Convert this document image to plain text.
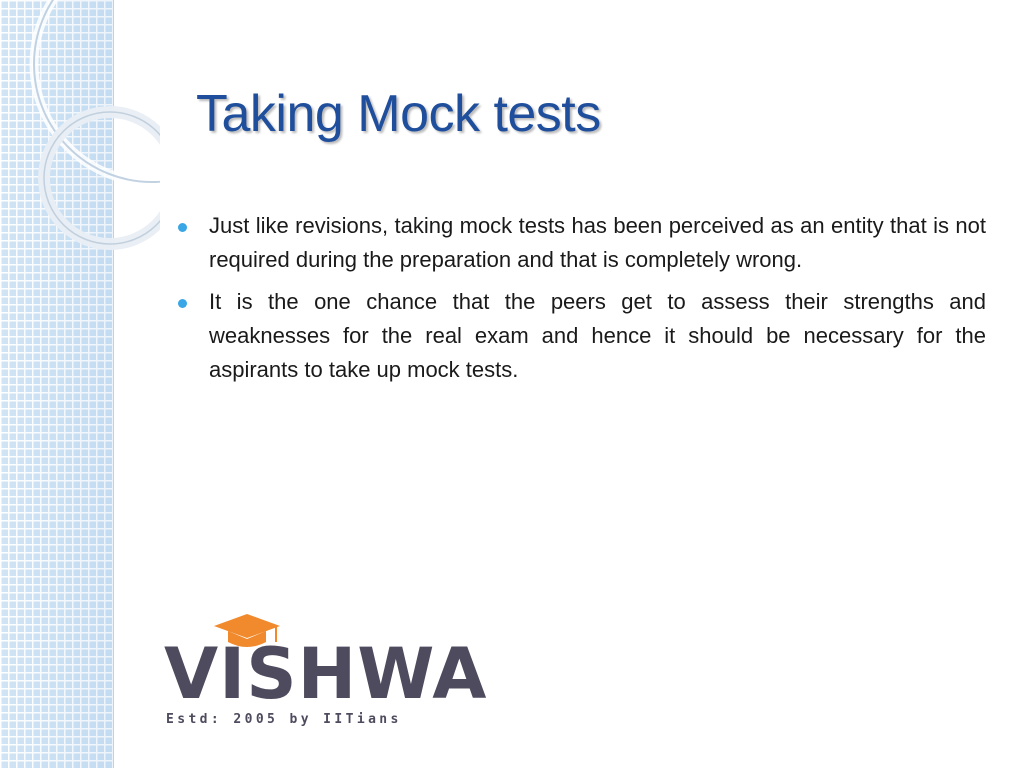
Taking Mock tests
Just like revisions, taking mock tests has been perceived as an entity that is not required during the preparation and that is completely wrong.
It is the one chance that the peers get to assess their strengths and weaknesses for the real exam and hence it should be necessary for the aspirants to take up mock tests.
VISHWA
Estd: 2005 by IITians
